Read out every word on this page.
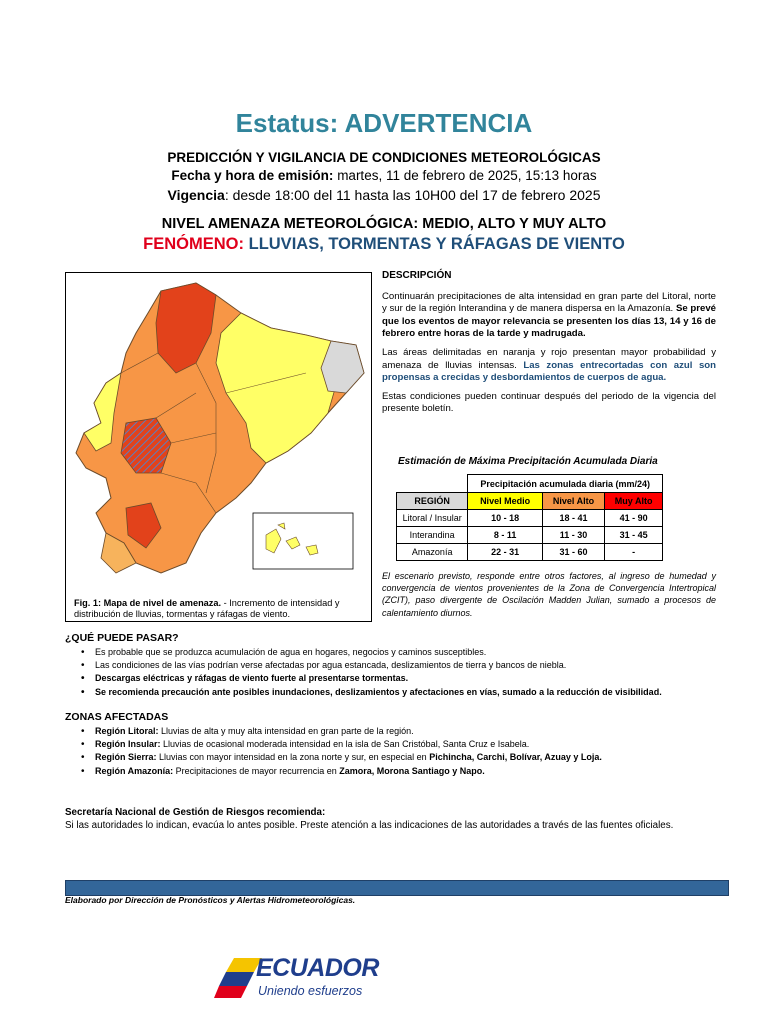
Estatus: ADVERTENCIA
PREDICCIÓN Y VIGILANCIA DE CONDICIONES METEOROLÓGICAS
Fecha y hora de emisión: martes, 11 de febrero de 2025, 15:13 horas
Vigencia: desde 18:00 del 11 hasta las 10H00 del 17 de febrero 2025
NIVEL AMENAZA METEOROLÓGICA: MEDIO, ALTO Y MUY ALTO
FENÓMENO: LLUVIAS, TORMENTAS Y RÁFAGAS DE VIENTO
Fig. 1: Mapa de nivel de amenaza. - Incremento de intensidad y distribución de lluvias, tormentas y ráfagas de viento.
DESCRIPCIÓN

Continuarán precipitaciones de alta intensidad en gran parte del Litoral, norte y sur de la región Interandina y de manera dispersa en la Amazonía. Se prevé que los eventos de mayor relevancia se presenten los días 13, 14 y 16 de febrero entre horas de la tarde y madrugada.

Las áreas delimitadas en naranja y rojo presentan mayor probabilidad y amenaza de lluvias intensas. Las zonas entrecortadas con azul son propensas a crecidas y desbordamientos de cuerpos de agua.

Estas condiciones pueden continuar después del periodo de la vigencia del presente boletín.

Estimación de Máxima Precipitación Acumulada Diaria
	Precipitación acumulada diaria (mm/24)		
REGIÓN	Nivel Medio	Nivel Alto	Muy Alto
Litoral / Insular	10 - 18	18 - 41	41 - 90
Interandina	8 - 11	11 - 30	31 - 45
Amazonía	22 - 31	31 - 60	-
El escenario previsto, responde entre otros factores, al ingreso de humedad y convergencia de vientos provenientes de la Zona de Convergencia Intertropical (ZCIT), paso divergente de Oscilación Madden Julian, sumado a procesos de calentamiento diurnos.
¿QUÉ PUEDE PASAR?
• Es probable que se produzca acumulación de agua en hogares, negocios y caminos susceptibles.
• Las condiciones de las vías podrían verse afectadas por agua estancada, deslizamientos de tierra y bancos de niebla.
• Descargas eléctricas y ráfagas de viento fuerte al presentarse tormentas.
• Se recomienda precaución ante posibles inundaciones, deslizamientos y afectaciones en vías, sumado a la reducción de visibilidad.
ZONAS AFECTADAS
• Región Litoral: Lluvias de alta y muy alta intensidad en gran parte de la región.
• Región Insular: Lluvias de ocasional moderada intensidad en la isla de San Cristóbal, Santa Cruz e Isabela.
• Región Sierra: Lluvias con mayor intensidad en la zona norte y sur, en especial en Pichincha, Carchi, Bolívar, Azuay y Loja.
• Región Amazonía: Precipitaciones de mayor recurrencia en Zamora, Morona Santiago y Napo.
Secretaría Nacional de Gestión de Riesgos recomienda:
Si las autoridades lo indican, evacúa lo antes posible. Preste atención a las indicaciones de las autoridades a través de las fuentes oficiales.
Elaborado por Dirección de Pronósticos y Alertas Hidrometeorológicas.
ECUADOR
Uniendo esfuerzos
